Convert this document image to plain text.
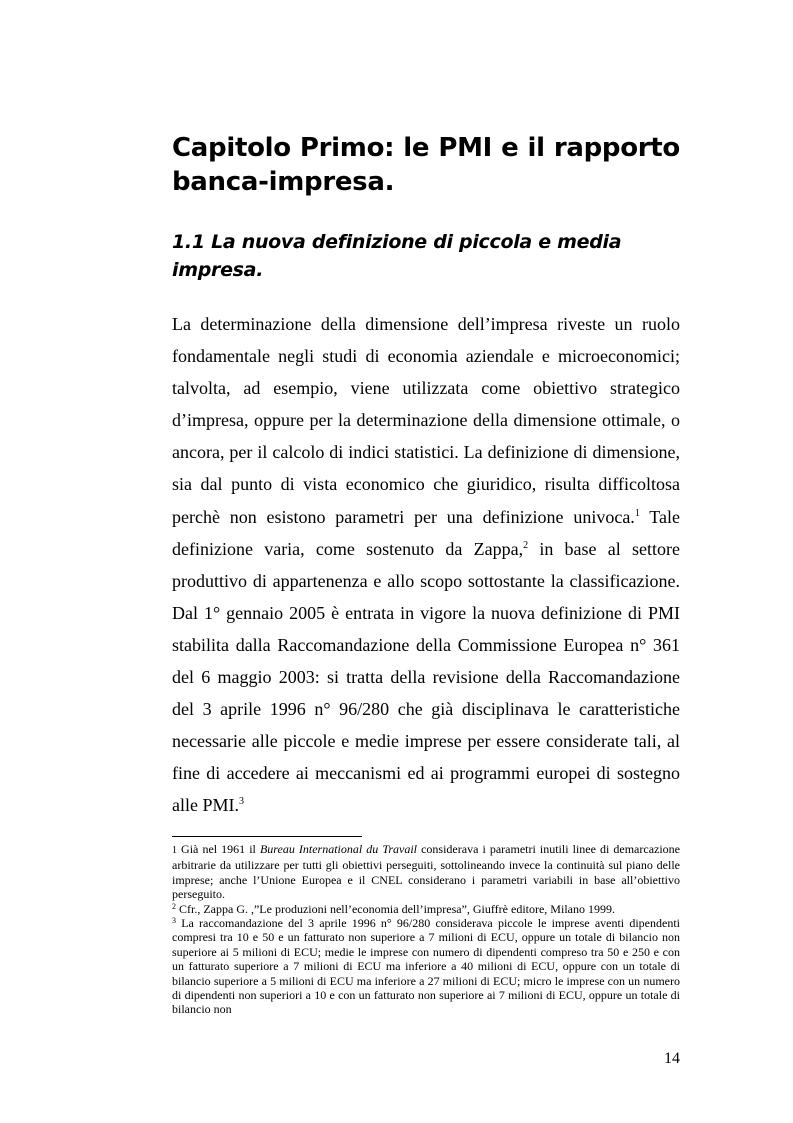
Capitolo Primo: le PMI e il rapporto banca-impresa.
1.1 La nuova definizione di piccola e media impresa.

La determinazione della dimensione dell’impresa riveste un ruolo fondamentale negli studi di economia aziendale e microeconomici; talvolta, ad esempio, viene utilizzata come obiettivo strategico d’impresa, oppure per la determinazione della dimensione ottimale, o ancora, per il calcolo di indici statistici. La definizione di dimensione, sia dal punto di vista economico che giuridico, risulta difficoltosa perchè non esistono parametri per una definizione univoca.$^1$ Tale definizione varia, come sostenuto da Zappa,$^2$ in base al settore produttivo di appartenenza e allo scopo sottostante la classificazione. Dal 1° gennaio 2005 è entrata in vigore la nuova definizione di PMI stabilita dalla Raccomandazione della Commissione Europea n° 361 del 6 maggio 2003: si tratta della revisione della Raccomandazione del 3 aprile 1996 n° 96/280 che già disciplinava le caratteristiche necessarie alle piccole e medie imprese per essere considerate tali, al fine di accedere ai meccanismi ed ai programmi europei di sostegno alle PMI.$^3$

1 Già nel 1961 il Bureau International du Travail considerava i parametri inutili linee di demarcazione arbitrarie da utilizzare per tutti gli obiettivi perseguiti, sottolineando invece la continuità sul piano delle imprese; anche l’Unione Europea e il CNEL considerano i parametri variabili in base all’obiettivo perseguito.

$^2$ Cfr., Zappa G. ,”Le produzioni nell’economia dell’impresa”, Giuffrè editore, Milano 1999.

$^3$ La raccomandazione del 3 aprile 1996 n° 96/280 considerava piccole le imprese aventi dipendenti compresi tra 10 e 50 e un fatturato non superiore a 7 milioni di ECU, oppure un totale di bilancio non superiore ai 5 milioni di ECU; medie le imprese con numero di dipendenti compreso tra 50 e 250 e con un fatturato superiore a 7 milioni di ECU ma inferiore a 40 milioni di ECU, oppure con un totale di bilancio superiore a 5 milioni di ECU ma inferiore a 27 milioni di ECU; micro le imprese con un numero di dipendenti non superiori a 10 e con un fatturato non superiore ai 7 milioni di ECU, oppure un totale di bilancio non

14
